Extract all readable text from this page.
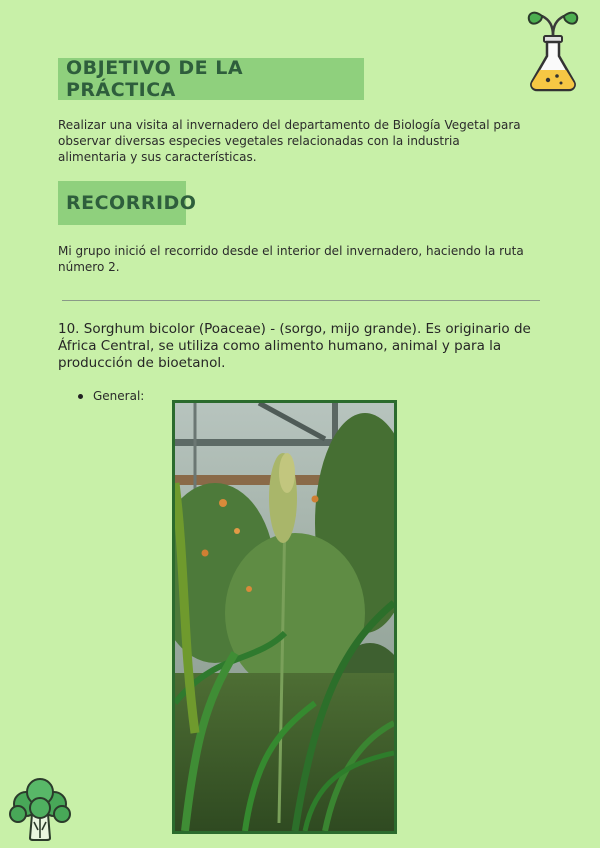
OBJETIVO DE LA PRÁCTICA

Realizar una visita al invernadero del departamento de Biología Vegetal para observar diversas especies vegetales relacionadas con la industria alimentaria y sus características.

RECORRIDO

Mi grupo inició el recorrido desde el interior del invernadero, haciendo la ruta número 2.

10. Sorghum bicolor (Poaceae) - (sorgo, mijo grande). Es originario de África Central, se utiliza como alimento humano, animal y para la producción de bioetanol.

General:
